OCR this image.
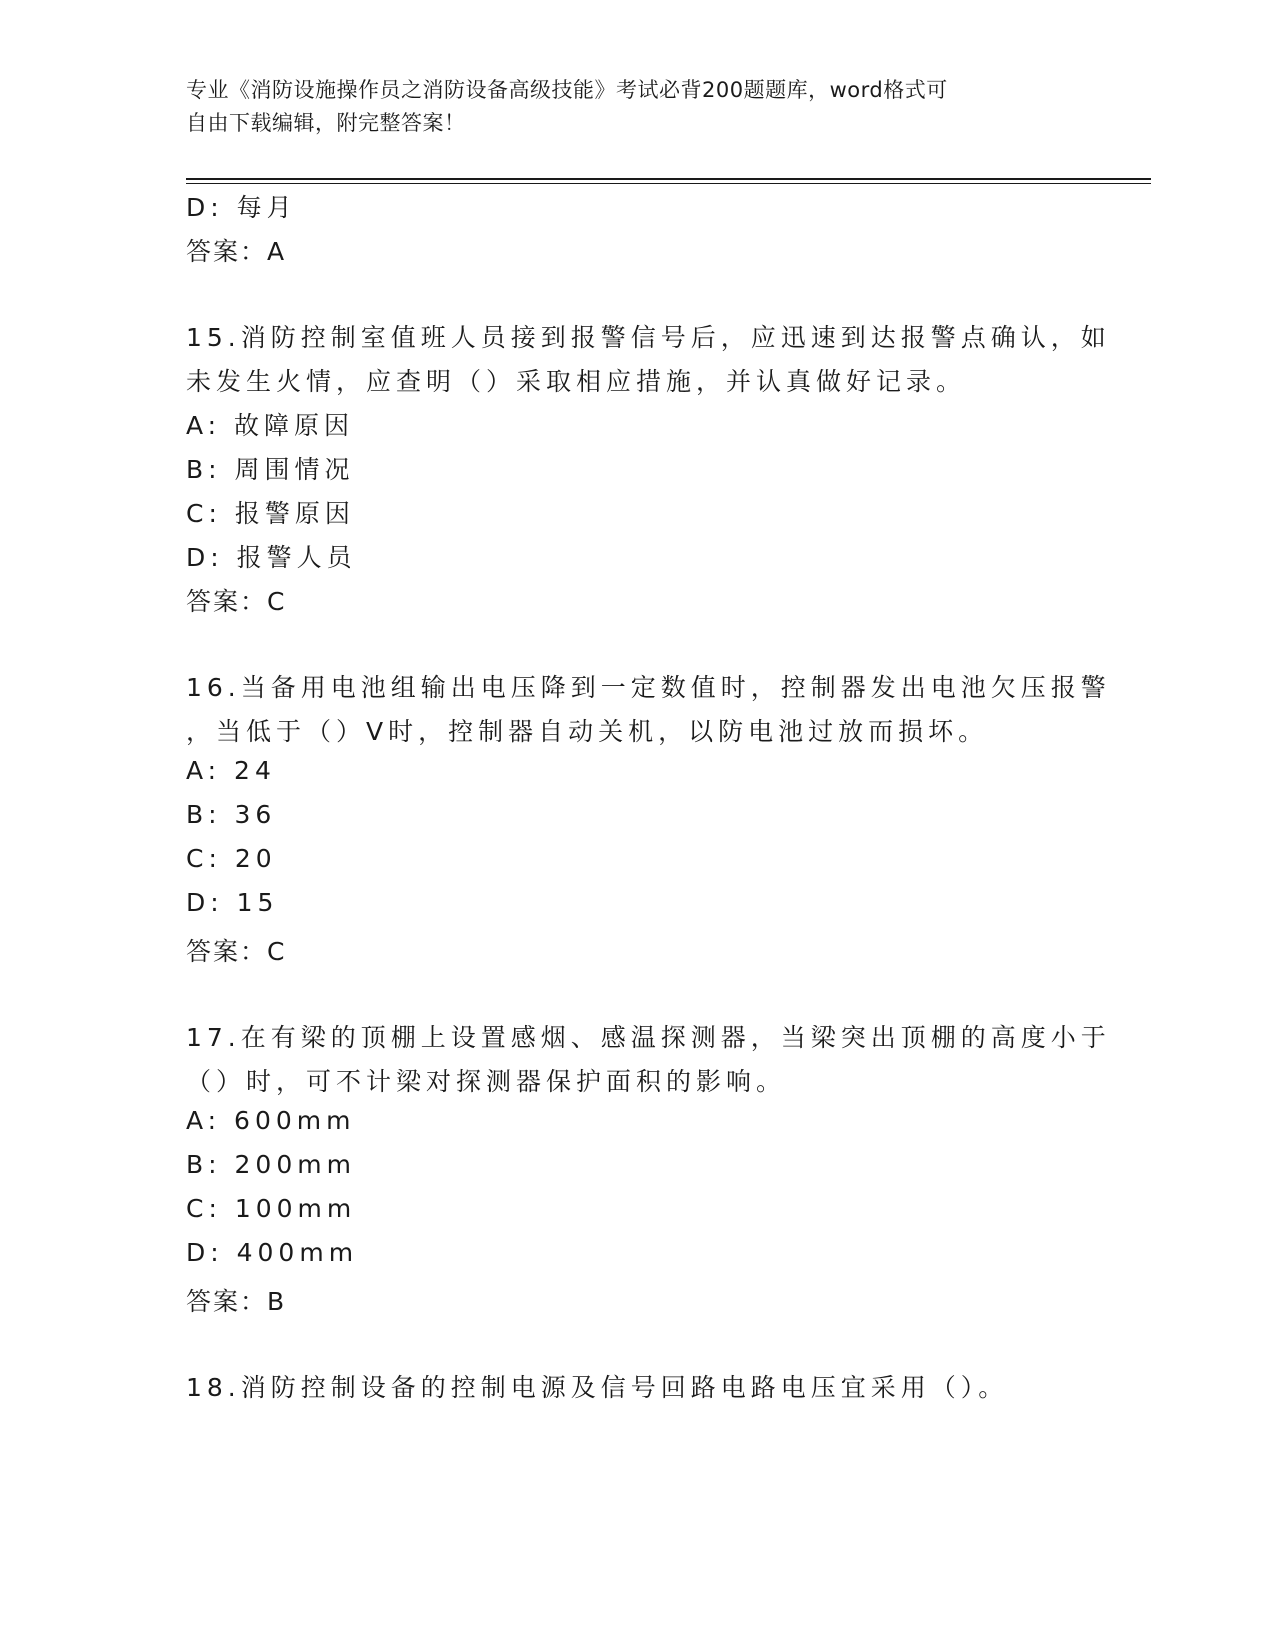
专业《消防设施操作员之消防设备高级技能》考试必背200题题库，word格式可
自由下载编辑，附完整答案！
D: 每月
答案：A
15.消防控制室值班人员接到报警信号后，应迅速到达报警点确认，如
未发生火情，应查明（）采取相应措施，并认真做好记录。
A: 故障原因
B: 周围情况
C: 报警原因
D: 报警人员
答案：C
16.当备用电池组输出电压降到一定数值时，控制器发出电池欠压报警
，当低于（）V时，控制器自动关机，以防电池过放而损坏。
A: 24
B: 36
C: 20
D: 15
答案：C
17.在有梁的顶棚上设置感烟、感温探测器，当梁突出顶棚的高度小于
（）时，可不计梁对探测器保护面积的影响。
A: 600mm
B: 200mm
C: 100mm
D: 400mm
答案：B
18.消防控制设备的控制电源及信号回路电路电压宜采用（）。
